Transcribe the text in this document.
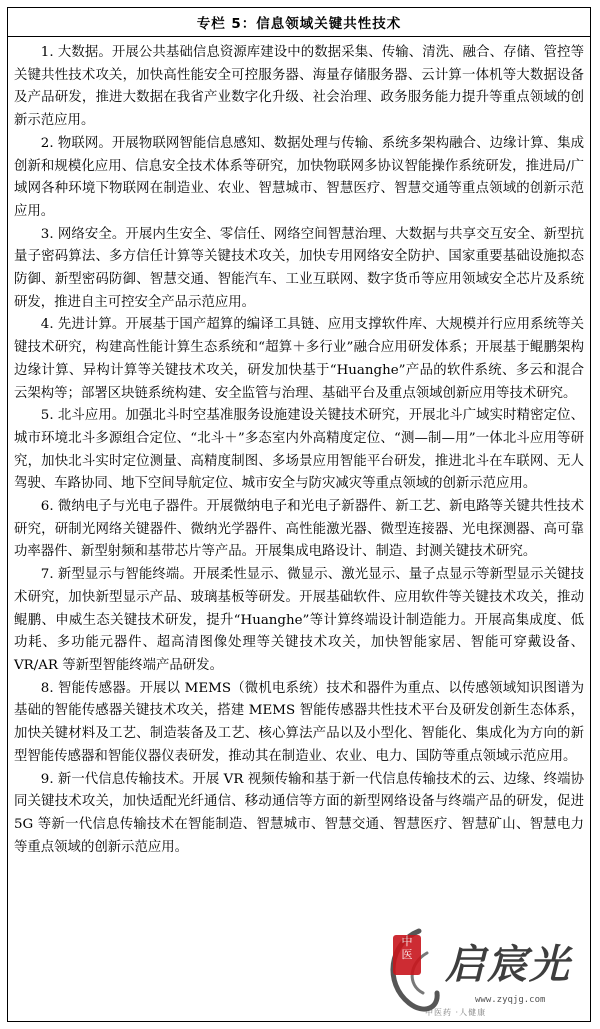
专栏 5：信息领域关键共性技术

1. 大数据。开展公共基础信息资源库建设中的数据采集、传输、清洗、融合、存储、管控等关键共性技术攻关，加快高性能安全可控服务器、海量存储服务器、云计算一体机等大数据设备及产品研发，推进大数据在我省产业数字化升级、社会治理、政务服务能力提升等重点领域的创新示范应用。

2. 物联网。开展物联网智能信息感知、数据处理与传输、系统多架构融合、边缘计算、集成创新和规模化应用、信息安全技术体系等研究，加快物联网多协议智能操作系统研发，推进局/广域网各种环境下物联网在制造业、农业、智慧城市、智慧医疗、智慧交通等重点领域的创新示范应用。

3. 网络安全。开展内生安全、零信任、网络空间智慧治理、大数据与共享交互安全、新型抗量子密码算法、多方信任计算等关键技术攻关，加快专用网络安全防护、国家重要基础设施拟态防御、新型密码防御、智慧交通、智能汽车、工业互联网、数字货币等应用领域安全芯片及系统研发，推进自主可控安全产品示范应用。

4. 先进计算。开展基于国产超算的编译工具链、应用支撑软件库、大规模并行应用系统等关键技术研究，构建高性能计算生态系统和“超算＋多行业”融合应用研发体系；开展基于鲲鹏架构边缘计算、异构计算等关键技术攻关，研发加快基于“Huanghe”产品的软件系统、多云和混合云架构等；部署区块链系统构建、安全监管与治理、基础平台及重点领域创新应用等技术研究。

5. 北斗应用。加强北斗时空基准服务设施建设关键技术研究，开展北斗广域实时精密定位、城市环境北斗多源组合定位、“北斗＋”多态室内外高精度定位、“测—制—用”一体北斗应用等研究，加快北斗实时定位测量、高精度制图、多场景应用智能平台研发，推进北斗在车联网、无人驾驶、车路协同、地下空间导航定位、城市安全与防灾减灾等重点领域的创新示范应用。

6. 微纳电子与光电子器件。开展微纳电子和光电子新器件、新工艺、新电路等关键共性技术研究，研制光网络关键器件、微纳光学器件、高性能激光器、微型连接器、光电探测器、高可靠功率器件、新型射频和基带芯片等产品。开展集成电路设计、制造、封测关键技术研究。

7. 新型显示与智能终端。开展柔性显示、微显示、激光显示、量子点显示等新型显示关键技术研究，加快新型显示产品、玻璃基板等研发。开展基础软件、应用软件等关键技术攻关，推动鲲鹏、申威生态关键技术研发，提升“Huanghe”等计算终端设计制造能力。开展高集成度、低功耗、多功能元器件、超高清图像处理等关键技术攻关，加快智能家居、智能可穿戴设备、VR/AR 等新型智能终端产品研发。

8. 智能传感器。开展以 MEMS（微机电系统）技术和器件为重点、以传感领域知识图谱为基础的智能传感器关键技术攻关，搭建 MEMS 智能传感器共性技术平台及研发创新生态体系，加快关键材料及工艺、制造装备及工艺、核心算法产品以及小型化、智能化、集成化为方向的新型智能传感器和智能仪器仪表研发，推动其在制造业、农业、电力、国防等重点领域示范应用。

9. 新一代信息传输技术。开展 VR 视频传输和基于新一代信息传输技术的云、边缘、终端协同关键技术攻关，加快适配光纤通信、移动通信等方面的新型网络设备与终端产品的研发，促进 5G 等新一代信息传输技术在智能制造、智慧城市、智慧交通、智慧医疗、智慧矿山、智慧电力等重点领域的创新示范应用。

中
医 启宸光
www.zyqjg.com
中医药 ·人健康
